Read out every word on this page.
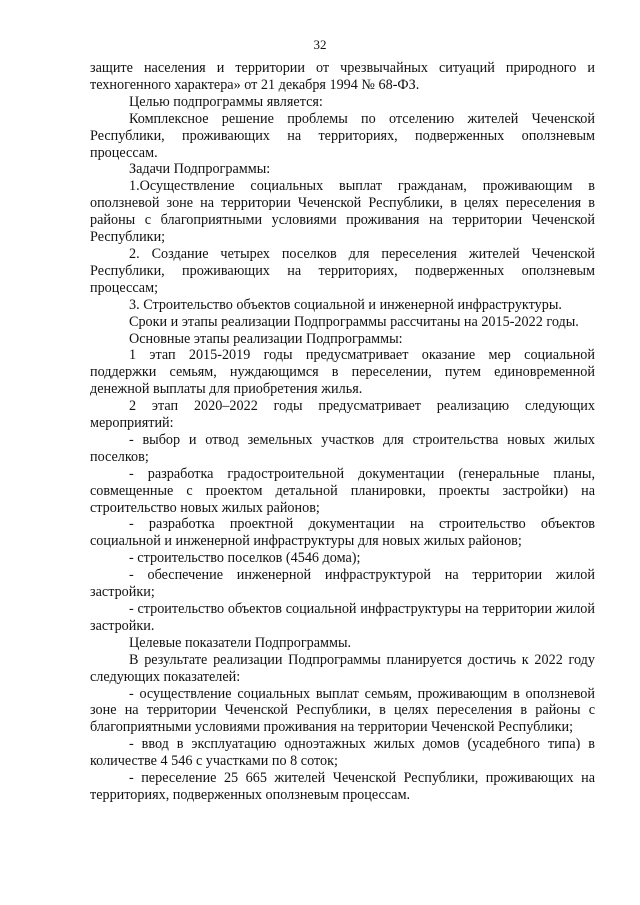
32

защите населения и территории от чрезвычайных ситуаций природного и техногенного характера» от 21 декабря 1994 № 68-ФЗ.

Целью подпрограммы является:

Комплексное решение проблемы по отселению жителей Чеченской Республики, проживающих на территориях, подверженных оползневым процессам.

Задачи Подпрограммы:

1.Осуществление социальных выплат гражданам, проживающим в оползневой зоне на территории Чеченской Республики, в целях переселения в районы с благоприятными условиями проживания на территории Чеченской Республики;

2. Создание четырех поселков для переселения жителей Чеченской Республики, проживающих на территориях, подверженных оползневым процессам;

3. Строительство объектов социальной и инженерной инфраструктуры.

Сроки и этапы реализации Подпрограммы рассчитаны на 2015-2022 годы.

Основные этапы реализации Подпрограммы:

1 этап 2015-2019 годы предусматривает оказание мер социальной поддержки семьям, нуждающимся в переселении, путем единовременной денежной выплаты для приобретения жилья.

2 этап 2020–2022 годы предусматривает реализацию следующих мероприятий:

- выбор и отвод земельных участков для строительства новых жилых поселков;

- разработка градостроительной документации (генеральные планы, совмещенные с проектом детальной планировки, проекты застройки) на строительство новых жилых районов;

- разработка проектной документации на строительство объектов социальной и инженерной инфраструктуры для новых жилых районов;

- строительство поселков (4546 дома);

- обеспечение инженерной инфраструктурой на территории жилой застройки;

- строительство объектов социальной инфраструктуры на территории жилой застройки.

Целевые показатели Подпрограммы.

В результате реализации Подпрограммы планируется достичь к 2022 году следующих показателей:

- осуществление социальных выплат семьям, проживающим в оползневой зоне на территории Чеченской Республики, в целях переселения в районы с благоприятными условиями проживания на территории Чеченской Республики;

- ввод в эксплуатацию одноэтажных жилых домов (усадебного типа) в количестве 4 546 с участками по 8 соток;

- переселение 25 665 жителей Чеченской Республики, проживающих на территориях, подверженных оползневым процессам.
